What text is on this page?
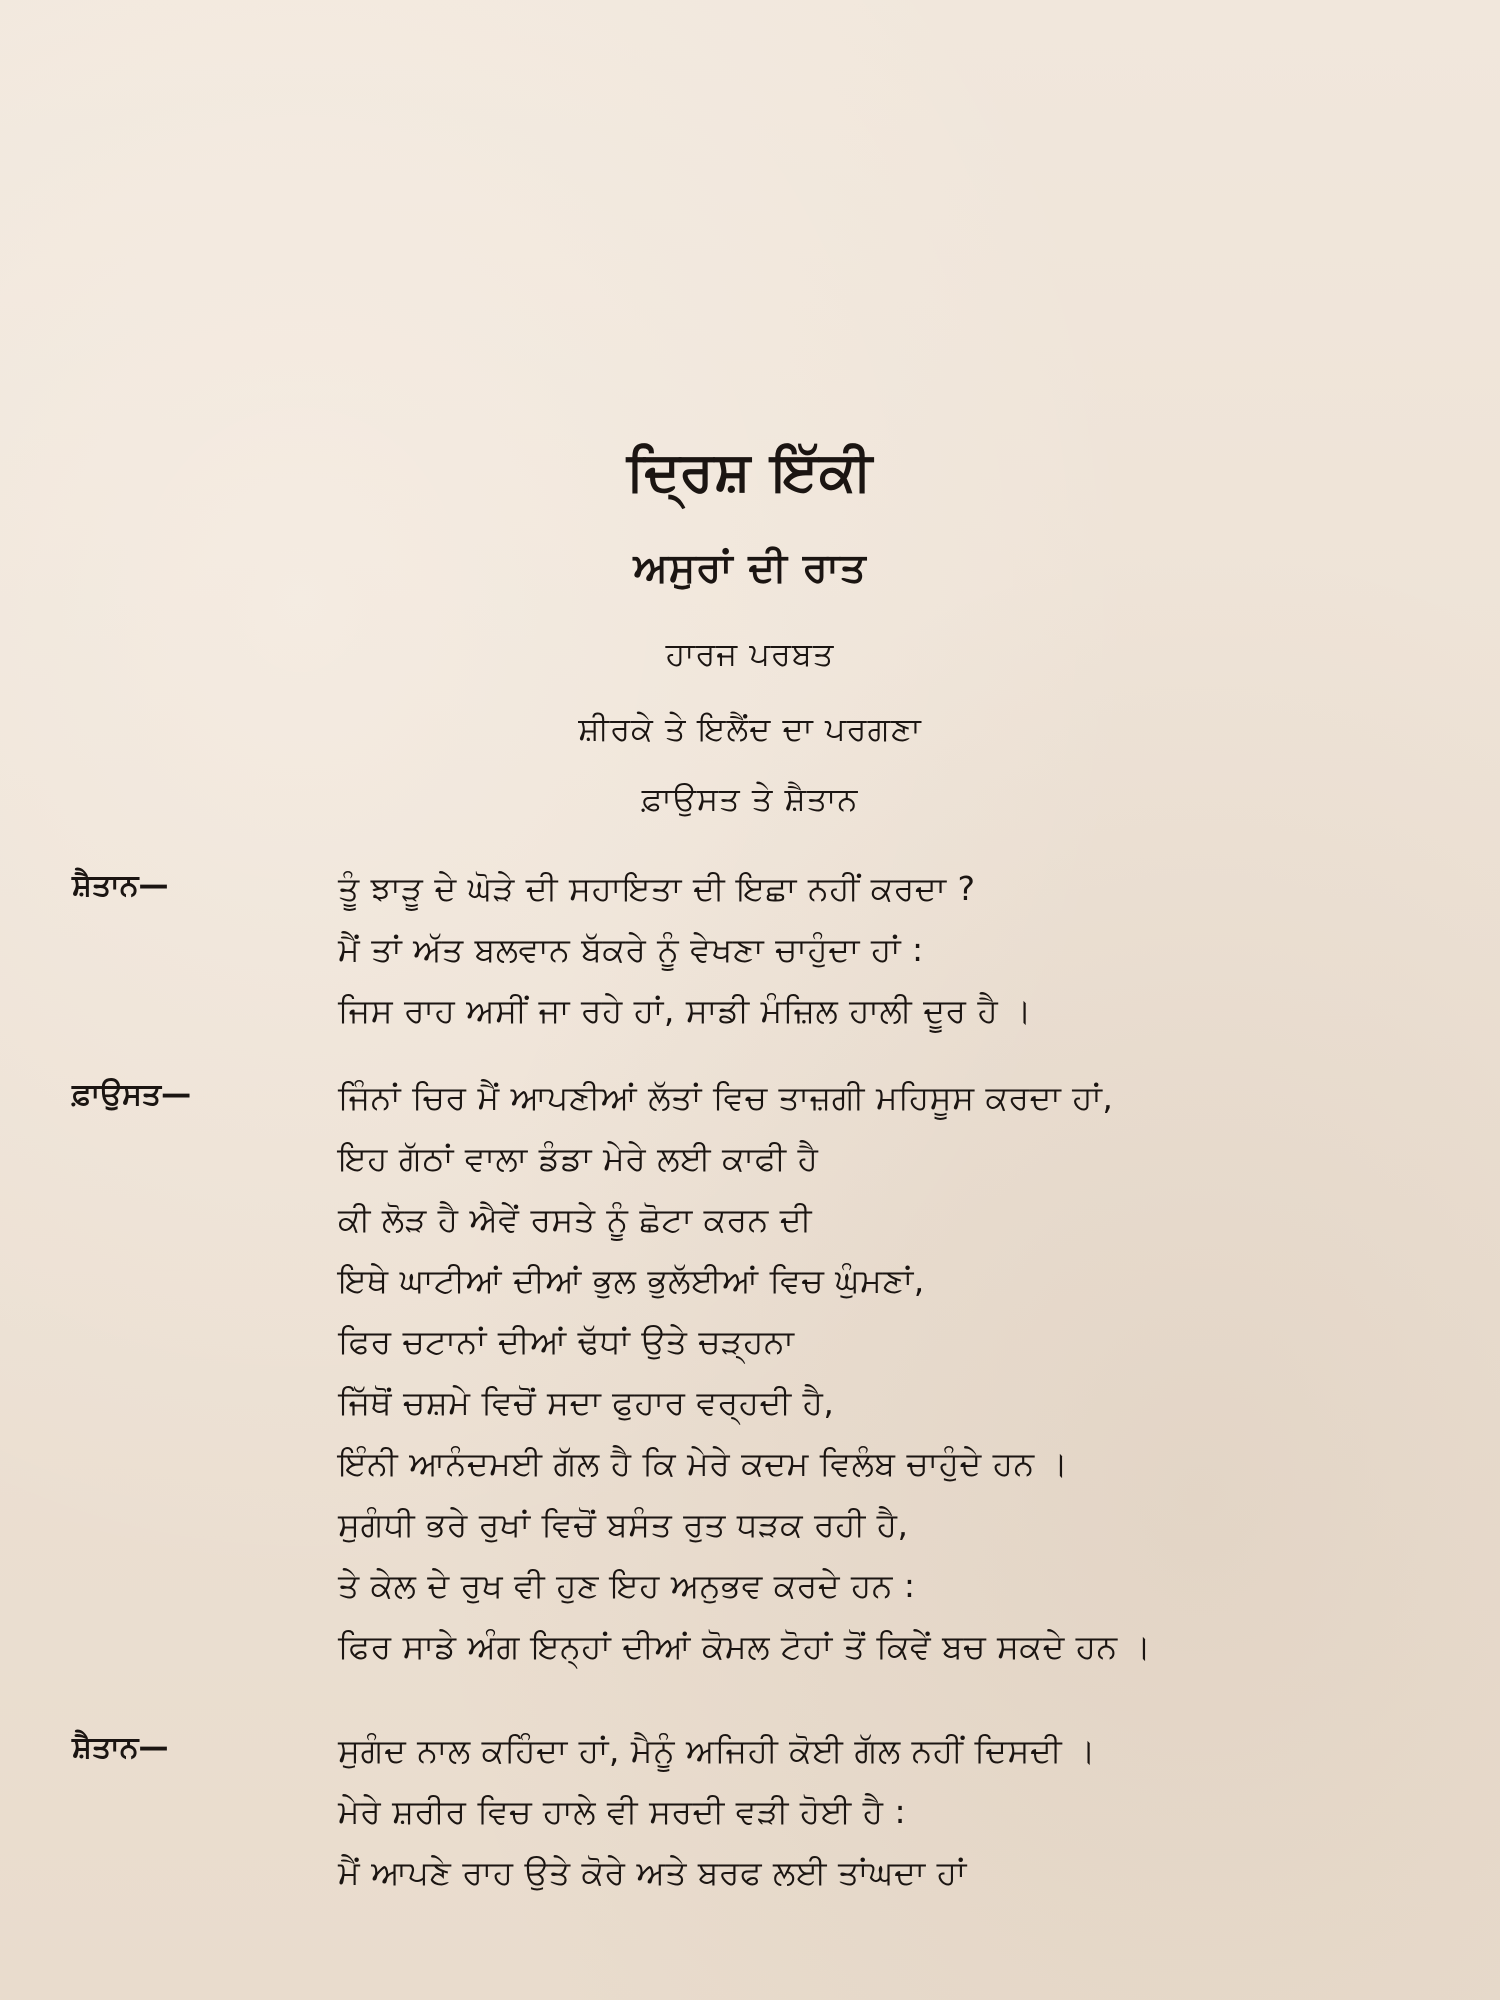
ਦ੍ਰਿਸ਼ ਇੱਕੀ
ਅਸੁਰਾਂ ਦੀ ਰਾਤ
ਹਾਰਜ ਪਰਬਤ
ਸ਼ੀਰਕੇ ਤੇ ਇਲੈਂਦ ਦਾ ਪਰਗਣਾ
ਫ਼ਾਉਸਤ ਤੇ ਸ਼ੈਤਾਨ
ਸ਼ੈਤਾਨ—	ਤੂੰ ਝਾੜੂ ਦੇ ਘੋੜੇ ਦੀ ਸਹਾਇਤਾ ਦੀ ਇਛਾ ਨਹੀਂ ਕਰਦਾ ?
ਮੈਂ ਤਾਂ ਅੱਤ ਬਲਵਾਨ ਬੱਕਰੇ ਨੂੰ ਵੇਖਣਾ ਚਾਹੁੰਦਾ ਹਾਂ :
ਜਿਸ ਰਾਹ ਅਸੀਂ ਜਾ ਰਹੇ ਹਾਂ, ਸਾਡੀ ਮੰਜ਼ਿਲ ਹਾਲੀ ਦੂਰ ਹੈ ।
ਫ਼ਾਉਸਤ—	ਜਿੰਨਾਂ ਚਿਰ ਮੈਂ ਆਪਣੀਆਂ ਲੱਤਾਂ ਵਿਚ ਤਾਜ਼ਗੀ ਮਹਿਸੂਸ ਕਰਦਾ ਹਾਂ,
ਇਹ ਗੱਠਾਂ ਵਾਲਾ ਡੰਡਾ ਮੇਰੇ ਲਈ ਕਾਫੀ ਹੈ
ਕੀ ਲੋੜ ਹੈ ਐਵੇਂ ਰਸਤੇ ਨੂੰ ਛੋਟਾ ਕਰਨ ਦੀ
ਇਥੇ ਘਾਟੀਆਂ ਦੀਆਂ ਭੁਲ ਭੁਲੱਈਆਂ ਵਿਚ ਘੁੰਮਣਾਂ,
ਫਿਰ ਚਟਾਨਾਂ ਦੀਆਂ ਢੱਧਾਂ ਉਤੇ ਚੜ੍ਹਨਾ
ਜਿੱਥੋਂ ਚਸ਼ਮੇ ਵਿਚੋਂ ਸਦਾ ਫੁਹਾਰ ਵਰ੍ਹਦੀ ਹੈ,
ਇੰਨੀ ਆਨੰਦਮਈ ਗੱਲ ਹੈ ਕਿ ਮੇਰੇ ਕਦਮ ਵਿਲੰਬ ਚਾਹੁੰਦੇ ਹਨ ।
ਸੁਗੰਧੀ ਭਰੇ ਰੁਖਾਂ ਵਿਚੋਂ ਬਸੰਤ ਰੁਤ ਧੜਕ ਰਹੀ ਹੈ,
ਤੇ ਕੇਲ ਦੇ ਰੁਖ ਵੀ ਹੁਣ ਇਹ ਅਨੁਭਵ ਕਰਦੇ ਹਨ :
ਫਿਰ ਸਾਡੇ ਅੰਗ ਇਨ੍ਹਾਂ ਦੀਆਂ ਕੋਮਲ ਟੋਹਾਂ ਤੋਂ ਕਿਵੇਂ ਬਚ ਸਕਦੇ ਹਨ ।
ਸ਼ੈਤਾਨ—	ਸੁਗੰਦ ਨਾਲ ਕਹਿੰਦਾ ਹਾਂ, ਮੈਨੂੰ ਅਜਿਹੀ ਕੋਈ ਗੱਲ ਨਹੀਂ ਦਿਸਦੀ ।
ਮੇਰੇ ਸ਼ਰੀਰ ਵਿਚ ਹਾਲੇ ਵੀ ਸਰਦੀ ਵੜੀ ਹੋਈ ਹੈ :
ਮੈਂ ਆਪਣੇ ਰਾਹ ਉਤੇ ਕੋਰੇ ਅਤੇ ਬਰਫ ਲਈ ਤਾਂਘਦਾ ਹਾਂ
